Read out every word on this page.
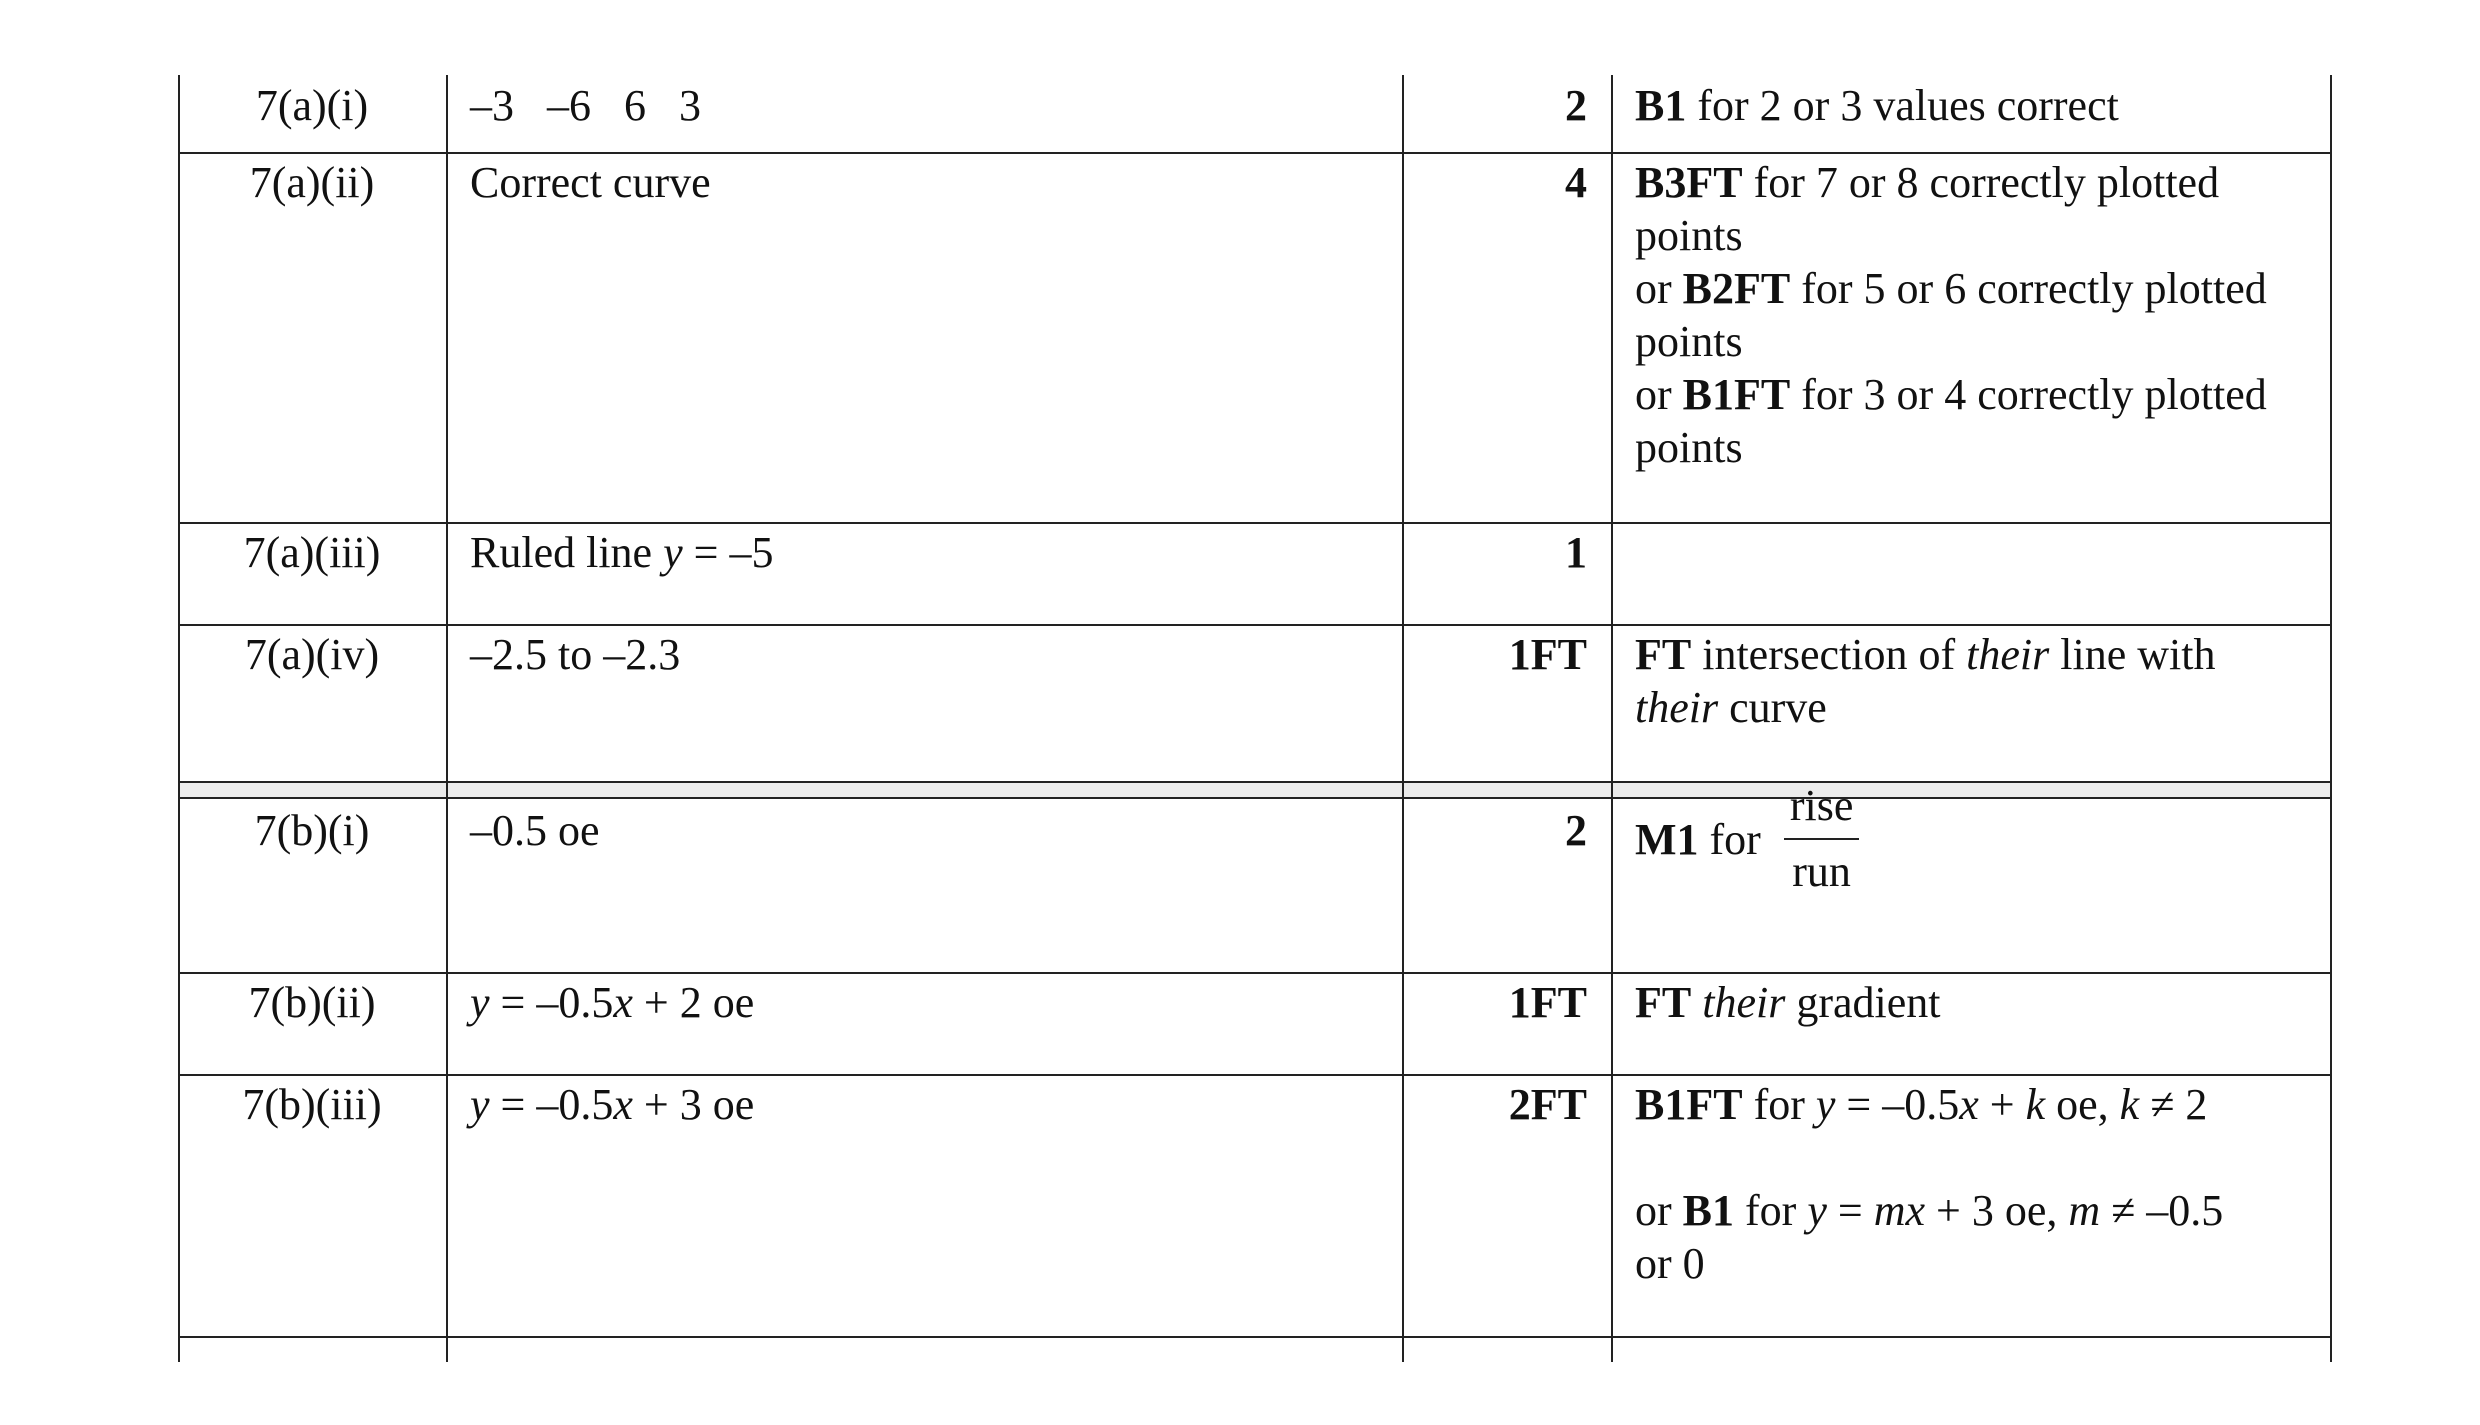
7(a)(i)	–3   –6   6   3	2 B1 for 2 or 3 values correct
7(a)(ii)	Correct curve	4 B3FT for 7 or 8 correctly plotted
points
or B2FT for 5 or 6 correctly plotted
points
or B1FT for 3 or 4 correctly plotted
points
7(a)(iii)	Ruled line y = –5	1
7(a)(iv)	–2.5 to –2.3	1FT FT intersection of their line with
their curve
7(b)(i)	–0.5 oe	2 M1 for $\frac{\text{rise}}{\text{run}}$
7(b)(ii)	y = –0.5x + 2 oe	1FT FT their gradient
7(b)(iii)	y = –0.5x + 3 oe	2FT B1FT for y = –0.5x + k oe, k ≠ 2

or B1 for y = mx + 3 oe, m ≠ –0.5
or 0
